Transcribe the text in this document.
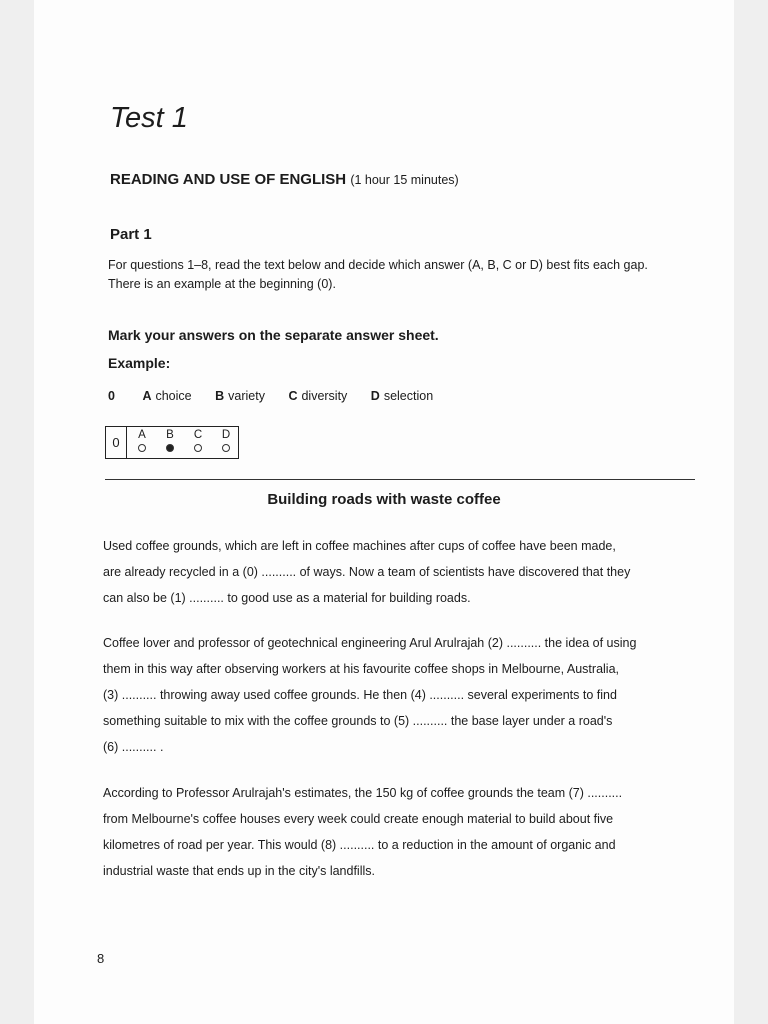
Test 1
READING AND USE OF ENGLISH (1 hour 15 minutes)
Part 1
For questions 1–8, read the text below and decide which answer (A, B, C or D) best fits each gap.
There is an example at the beginning (0).
Mark your answers on the separate answer sheet.
Example:
0 A choice B variety C diversity D selection
0	A	B	C	D
Building roads with waste coffee
Used coffee grounds, which are left in coffee machines after cups of coffee have been made,
are already recycled in a (0) .......... of ways. Now a team of scientists have discovered that they
can also be (1) .......... to good use as a material for building roads.
Coffee lover and professor of geotechnical engineering Arul Arulrajah (2) .......... the idea of using
them in this way after observing workers at his favourite coffee shops in Melbourne, Australia,
(3) .......... throwing away used coffee grounds. He then (4) .......... several experiments to find
something suitable to mix with the coffee grounds to (5) .......... the base layer under a road's
(6) .......... .
According to Professor Arulrajah's estimates, the 150 kg of coffee grounds the team (7) ..........
from Melbourne's coffee houses every week could create enough material to build about five
kilometres of road per year. This would (8) .......... to a reduction in the amount of organic and
industrial waste that ends up in the city's landfills.
8
